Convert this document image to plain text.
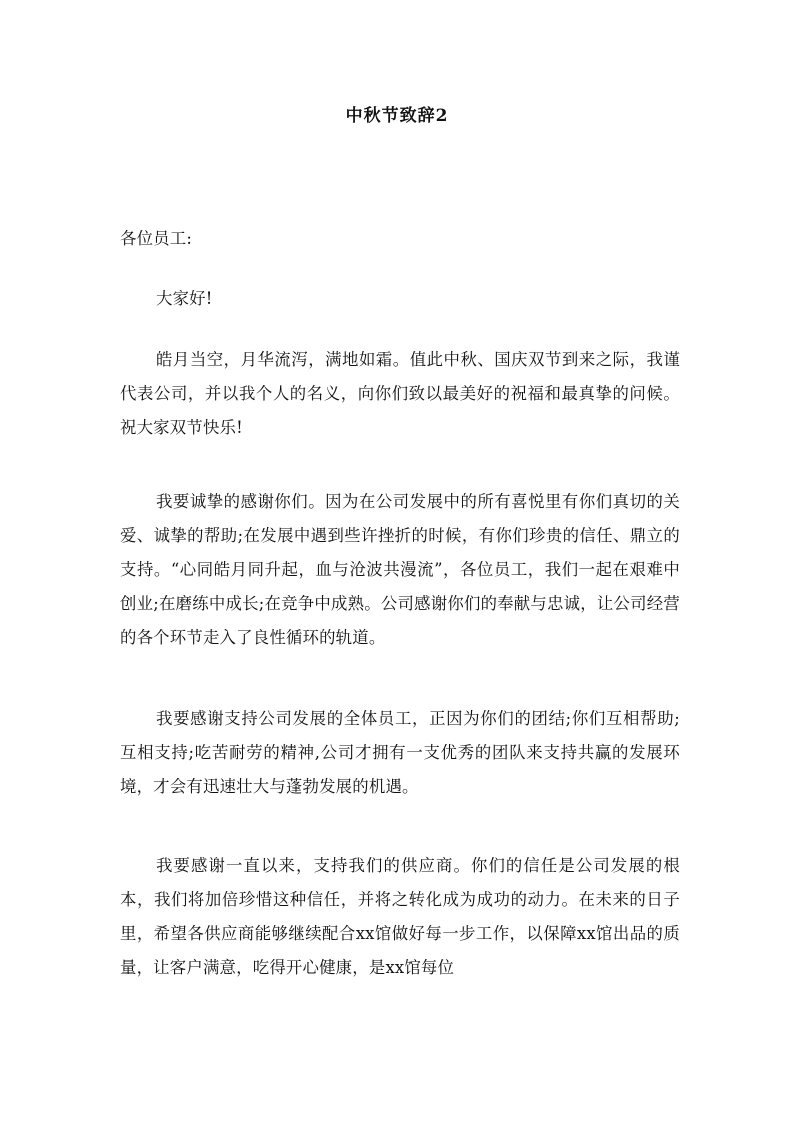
中秋节致辞2
各位员工:
大家好!
皓月当空，月华流泻，满地如霜。值此中秋、国庆双节到来之际，我谨代表公司，并以我个人的名义，向你们致以最美好的祝福和最真挚的问候。祝大家双节快乐!
我要诚挚的感谢你们。因为在公司发展中的所有喜悦里有你们真切的关爱、诚挚的帮助;在发展中遇到些许挫折的时候，有你们珍贵的信任、鼎立的支持。“心同皓月同升起，血与沧波共漫流”，各位员工，我们一起在艰难中创业;在磨练中成长;在竞争中成熟。公司感谢你们的奉献与忠诚，让公司经营的各个环节走入了良性循环的轨道。
我要感谢支持公司发展的全体员工，正因为你们的团结;你们互相帮助;互相支持;吃苦耐劳的精神,公司才拥有一支优秀的团队来支持共赢的发展环境，才会有迅速壮大与蓬勃发展的机遇。
我要感谢一直以来，支持我们的供应商。你们的信任是公司发展的根本，我们将加倍珍惜这种信任，并将之转化成为成功的动力。在未来的日子里，希望各供应商能够继续配合xx馆做好每一步工作，以保障xx馆出品的质量，让客户满意，吃得开心健康，是xx馆每位
